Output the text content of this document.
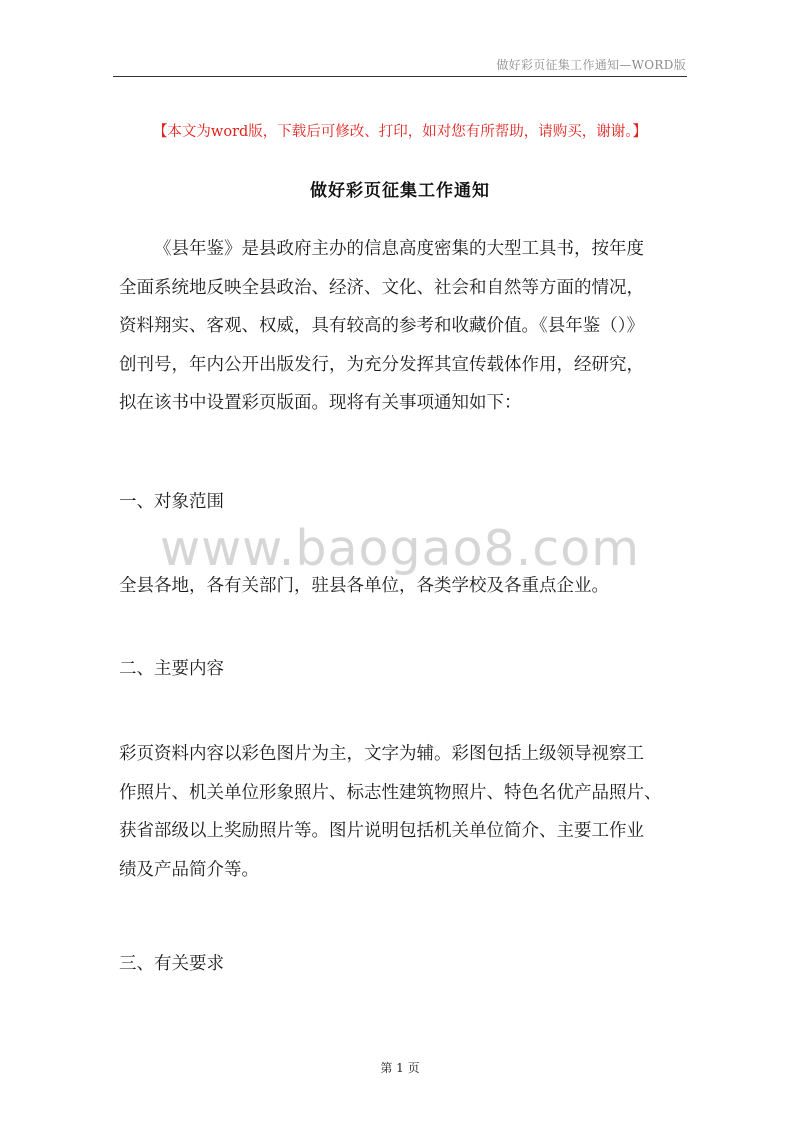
做好彩页征集工作通知—WORD版
【本文为word版，下载后可修改、打印，如对您有所帮助，请购买，谢谢。】
做好彩页征集工作通知
《县年鉴》是县政府主办的信息高度密集的大型工具书，按年度
全面系统地反映全县政治、经济、文化、社会和自然等方面的情况，
资料翔实、客观、权威，具有较高的参考和收藏价值。《县年鉴（）》
创刊号，年内公开出版发行，为充分发挥其宣传载体作用，经研究，
拟在该书中设置彩页版面。现将有关事项通知如下：
一、对象范围
www.baogao8.com
全县各地，各有关部门，驻县各单位，各类学校及各重点企业。
二、主要内容
彩页资料内容以彩色图片为主，文字为辅。彩图包括上级领导视察工
作照片、机关单位形象照片、标志性建筑物照片、特色名优产品照片、
获省部级以上奖励照片等。图片说明包括机关单位简介、主要工作业
绩及产品简介等。
三、有关要求
第 1 页
